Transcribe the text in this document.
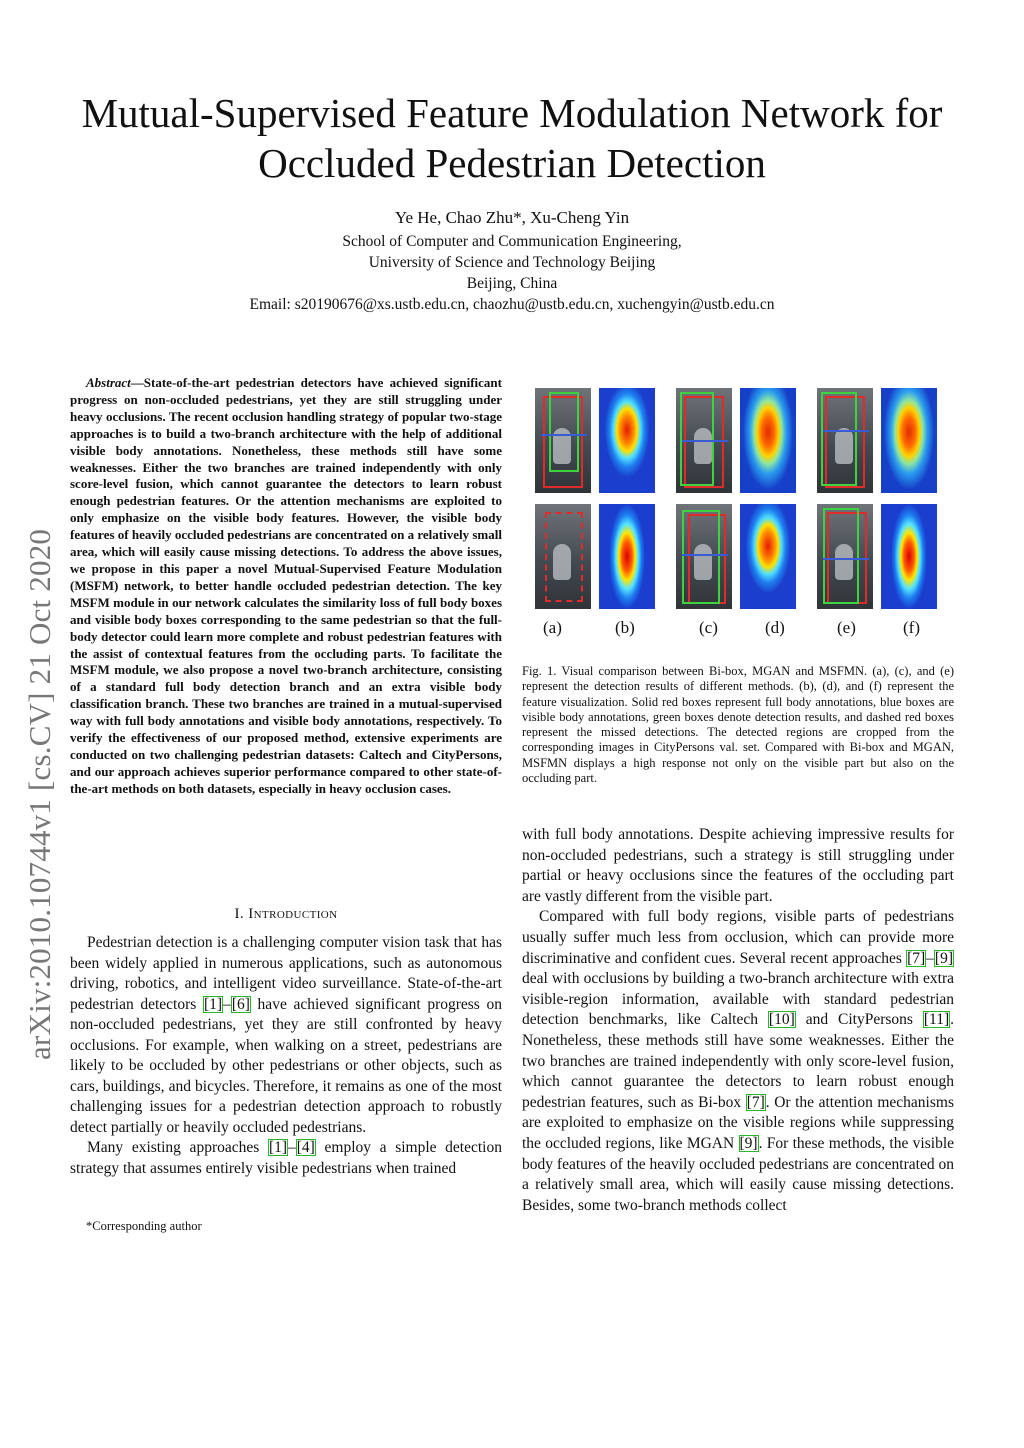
arXiv:2010.10744v1 [cs.CV] 21 Oct 2020
Mutual-Supervised Feature Modulation Network for Occluded Pedestrian Detection
Ye He, Chao Zhu*, Xu-Cheng Yin
School of Computer and Communication Engineering,
University of Science and Technology Beijing
Beijing, China
Email: s20190676@xs.ustb.edu.cn, chaozhu@ustb.edu.cn, xuchengyin@ustb.edu.cn

Abstract—State-of-the-art pedestrian detectors have achieved significant progress on non-occluded pedestrians, yet they are still struggling under heavy occlusions. The recent occlusion handling strategy of popular two-stage approaches is to build a two-branch architecture with the help of additional visible body annotations. Nonetheless, these methods still have some weaknesses. Either the two branches are trained independently with only score-level fusion, which cannot guarantee the detectors to learn robust enough pedestrian features. Or the attention mechanisms are exploited to only emphasize on the visible body features. However, the visible body features of heavily occluded pedestrians are concentrated on a relatively small area, which will easily cause missing detections. To address the above issues, we propose in this paper a novel Mutual-Supervised Feature Modulation (MSFM) network, to better handle occluded pedestrian detection. The key MSFM module in our network calculates the similarity loss of full body boxes and visible body boxes corresponding to the same pedestrian so that the full-body detector could learn more complete and robust pedestrian features with the assist of contextual features from the occluding parts. To facilitate the MSFM module, we also propose a novel two-branch architecture, consisting of a standard full body detection branch and an extra visible body classification branch. These two branches are trained in a mutual-supervised way with full body annotations and visible body annotations, respectively. To verify the effectiveness of our proposed method, extensive experiments are conducted on two challenging pedestrian datasets: Caltech and CityPersons, and our approach achieves superior performance compared to other state-of-the-art methods on both datasets, especially in heavy occlusion cases.

I. Introduction

Pedestrian detection is a challenging computer vision task that has been widely applied in numerous applications, such as autonomous driving, robotics, and intelligent video surveillance. State-of-the-art pedestrian detectors [1]–[6] have achieved significant progress on non-occluded pedestrians, yet they are still confronted by heavy occlusions. For example, when walking on a street, pedestrians are likely to be occluded by other pedestrians or other objects, such as cars, buildings, and bicycles. Therefore, it remains as one of the most challenging issues for a pedestrian detection approach to robustly detect partially or heavily occluded pedestrians.

Many existing approaches [1]–[4] employ a simple detection strategy that assumes entirely visible pedestrians when trained

*Corresponding author
(a)	(b)	(c)	(d)	(e)	(f)
Fig. 1. Visual comparison between Bi-box, MGAN and MSFMN. (a), (c), and (e) represent the detection results of different methods. (b), (d), and (f) represent the feature visualization. Solid red boxes represent full body annotations, blue boxes are visible body annotations, green boxes denote detection results, and dashed red boxes represent the missed detections. The detected regions are cropped from the corresponding images in CityPersons val. set. Compared with Bi-box and MGAN, MSFMN displays a high response not only on the visible part but also on the occluding part.

with full body annotations. Despite achieving impressive results for non-occluded pedestrians, such a strategy is still struggling under partial or heavy occlusions since the features of the occluding part are vastly different from the visible part.

Compared with full body regions, visible parts of pedestrians usually suffer much less from occlusion, which can provide more discriminative and confident cues. Several recent approaches [7]–[9] deal with occlusions by building a two-branch architecture with extra visible-region information, available with standard pedestrian detection benchmarks, like Caltech [10] and CityPersons [11]. Nonetheless, these methods still have some weaknesses. Either the two branches are trained independently with only score-level fusion, which cannot guarantee the detectors to learn robust enough pedestrian features, such as Bi-box [7]. Or the attention mechanisms are exploited to emphasize on the visible regions while suppressing the occluded regions, like MGAN [9]. For these methods, the visible body features of the heavily occluded pedestrians are concentrated on a relatively small area, which will easily cause missing detections. Besides, some two-branch methods collect
